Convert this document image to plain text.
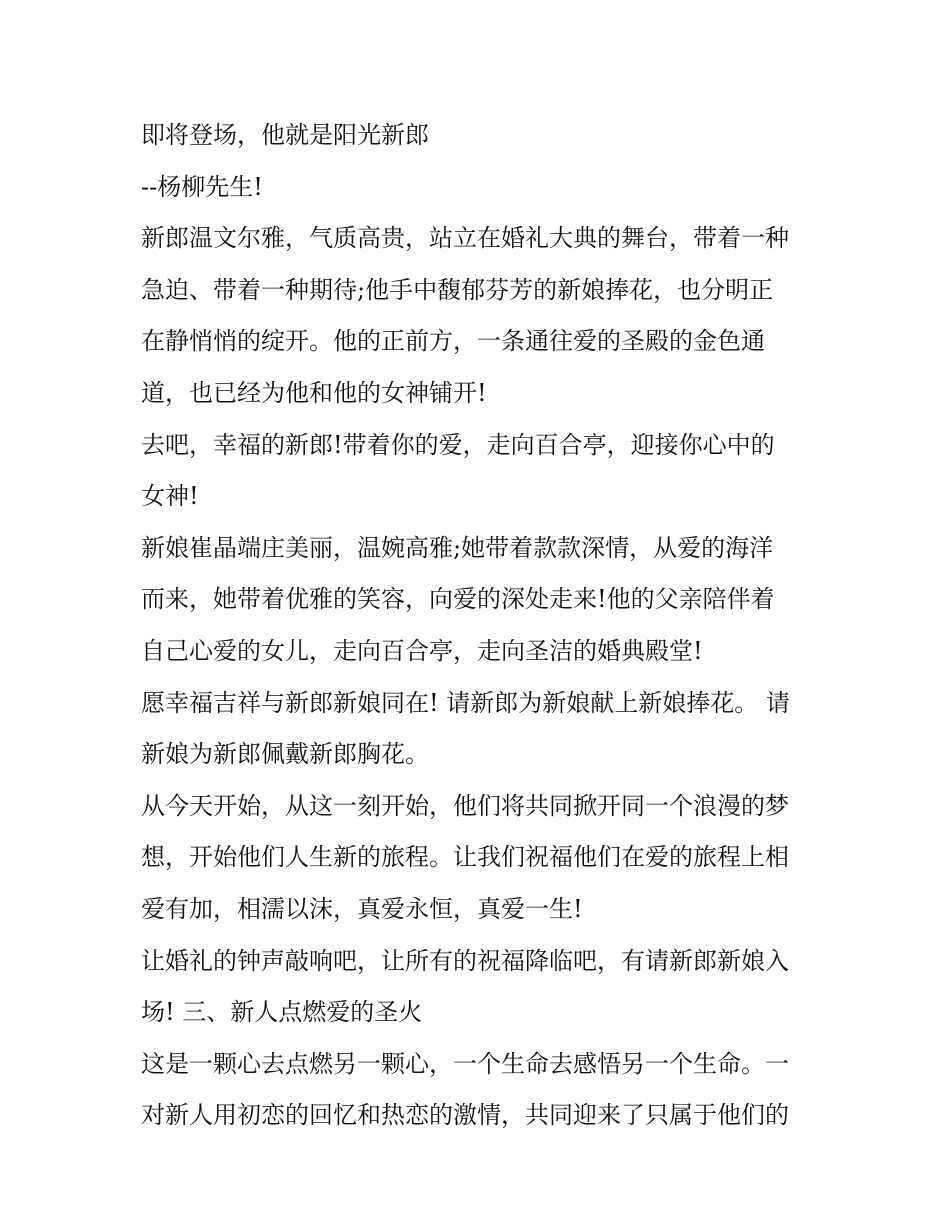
即将登场，他就是阳光新郎

--杨柳先生!

新郎温文尔雅，气质高贵，站立在婚礼大典的舞台，带着一种
急迫、带着一种期待;他手中馥郁芬芳的新娘捧花，也分明正
在静悄悄的绽开。他的正前方，一条通往爱的圣殿的金色通
道，也已经为他和他的女神铺开!

去吧，幸福的新郎!带着你的爱，走向百合亭，迎接你心中的
女神!

新娘崔晶端庄美丽，温婉高雅;她带着款款深情，从爱的海洋
而来，她带着优雅的笑容，向爱的深处走来!他的父亲陪伴着
自己心爱的女儿，走向百合亭，走向圣洁的婚典殿堂!

愿幸福吉祥与新郎新娘同在! 请新郎为新娘献上新娘捧花。 请
新娘为新郎佩戴新郎胸花。

从今天开始，从这一刻开始，他们将共同掀开同一个浪漫的梦
想，开始他们人生新的旅程。让我们祝福他们在爱的旅程上相
爱有加，相濡以沫，真爱永恒，真爱一生!

让婚礼的钟声敲响吧，让所有的祝福降临吧，有请新郎新娘入
场! 三、新人点燃爱的圣火

这是一颗心去点燃另一颗心，一个生命去感悟另一个生命。一
对新人用初恋的回忆和热恋的激情，共同迎来了只属于他们的
